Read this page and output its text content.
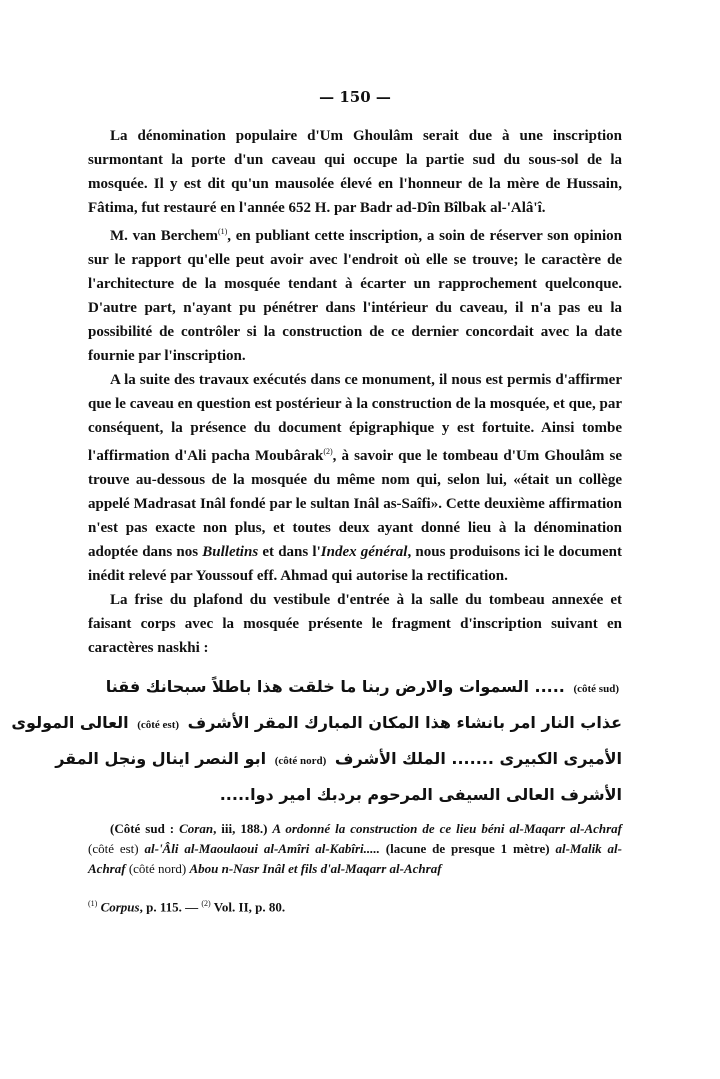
— 150 —

La dénomination populaire d'Um Ghoulâm serait due à une inscription surmontant la porte d'un caveau qui occupe la partie sud du sous-sol de la mosquée. Il y est dit qu'un mausolée élevé en l'honneur de la mère de Hussain, Fâtima, fut restauré en l'année 652 H. par Badr ad-Dîn Bîlbak al-'Alâ'î.

M. van Berchem$^{(1)}$, en publiant cette inscription, a soin de réserver son opinion sur le rapport qu'elle peut avoir avec l'endroit où elle se trouve; le caractère de l'architecture de la mosquée tendant à écarter un rapprochement quelconque. D'autre part, n'ayant pu pénétrer dans l'intérieur du caveau, il n'a pas eu la possibilité de contrôler si la construction de ce dernier concordait avec la date fournie par l'inscription.

A la suite des travaux exécutés dans ce monument, il nous est permis d'affirmer que le caveau en question est postérieur à la construction de la mosquée, et que, par conséquent, la présence du document épigraphique y est fortuite. Ainsi tombe l'affirmation d'Ali pacha Moubârak$^{(2)}$, à savoir que le tombeau d'Um Ghoulâm se trouve au-dessous de la mosquée du même nom qui, selon lui, «était un collège appelé Madrasat Inâl fondé par le sultan Inâl as-Saîfi». Cette deuxième affirmation n'est pas exacte non plus, et toutes deux ayant donné lieu à la dénomination adoptée dans nos Bulletins et dans l'Index général, nous produisons ici le document inédit relevé par Youssouf eff. Ahmad qui autorise la rectification.

La frise du plafond du vestibule d'entrée à la salle du tombeau annexée et faisant corps avec la mosquée présente le fragment d'inscription suivant en caractères naskhi :

(côté sud) ..... السموات والارض ربنا ما خلقت هذا باطلاً سبحانك فقنا
عذاب النار امر بانشاء هذا المكان المبارك المقر الأشرف (côté est) العالى المولوى
الأميرى الكبيرى ....... الملك الأشرف (côté nord) ابو النصر اينال ونجل المقر
الأشرف العالى السيفى المرحوم بردبك امير دوا.....

(Côté sud : Coran, iii, 188.) A ordonné la construction de ce lieu béni al-Maqarr al-Achraf (côté est) al-'Âli al-Maoulaoui al-Amîri al-Kabîri..... (lacune de presque 1 mètre) al-Malik al-Achraf (côté nord) Abou n-Nasr Inâl et fils d'al-Maqarr al-Achraf

$^{(1)}$ Corpus, p. 115. — $^{(2)}$ Vol. II, p. 80.
